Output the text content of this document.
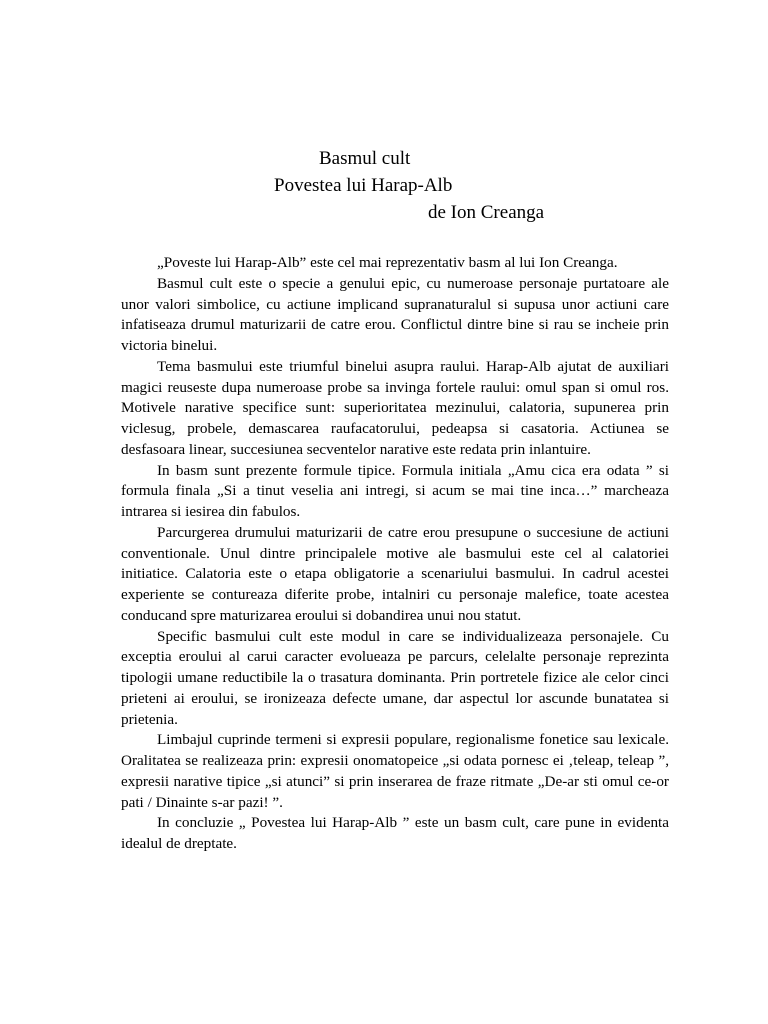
Basmul cult
Povestea lui Harap-Alb
de Ion Creanga

„Poveste lui Harap-Alb” este cel mai reprezentativ basm al lui Ion Creanga.

Basmul cult este o specie a genului epic, cu numeroase personaje purtatoare ale unor valori simbolice, cu actiune implicand supranaturalul si supusa unor actiuni care infatiseaza drumul maturizarii de catre erou. Conflictul dintre bine si rau se incheie prin victoria binelui.

Tema basmului este triumful binelui asupra raului. Harap-Alb ajutat de auxiliari magici reuseste dupa numeroase probe sa invinga fortele raului: omul span si omul ros. Motivele narative specifice sunt: superioritatea mezinului, calatoria, supunerea prin viclesug, probele, demascarea raufacatorului, pedeapsa si casatoria. Actiunea se desfasoara linear, succesiunea secventelor narative este redata prin inlantuire.

In basm sunt prezente formule tipice. Formula initiala „Amu cica era odata ” si formula finala „Si a tinut veselia ani intregi, si acum se mai tine inca…” marcheaza intrarea si iesirea din fabulos.

Parcurgerea drumului maturizarii de catre erou presupune o succesiune de actiuni conventionale. Unul dintre principalele motive ale basmului este cel al calatoriei initiatice. Calatoria este o etapa obligatorie a scenariului basmului. In cadrul acestei experiente se contureaza diferite probe, intalniri cu personaje malefice, toate acestea conducand spre maturizarea eroului si dobandirea unui nou statut.

Specific basmului cult este modul in care se individualizeaza personajele. Cu exceptia eroului al carui caracter evolueaza pe parcurs, celelalte personaje reprezinta tipologii umane reductibile la o trasatura dominanta. Prin portretele fizice ale celor cinci prieteni ai eroului, se ironizeaza defecte umane, dar aspectul lor ascunde bunatatea si prietenia.

Limbajul cuprinde termeni si expresii populare, regionalisme fonetice sau lexicale. Oralitatea se realizeaza prin: expresii onomatopeice „si odata pornesc ei ‚teleap, teleap ”, expresii narative tipice „si atunci” si prin inserarea de fraze ritmate „De-ar sti omul ce-or pati / Dinainte s-ar pazi! ”.

In concluzie „ Povestea lui Harap-Alb ” este un basm cult, care pune in evidenta idealul de dreptate.
